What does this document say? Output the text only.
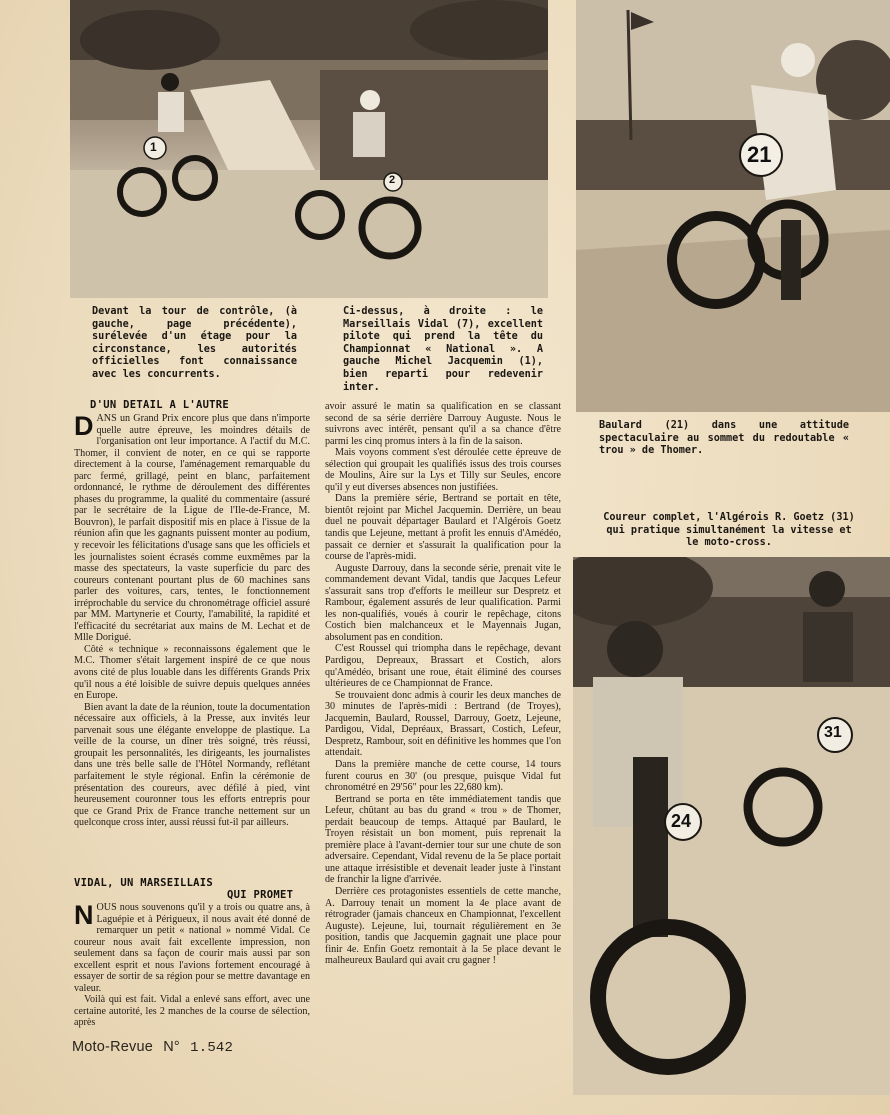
1
2
21
24
31
Devant la tour de contrôle, (à gauche, page précédente), surélevée d'un étage pour la circonstance, les autorités officielles font connaissance avec les concurrents.
Ci-dessus, à droite : le Marseillais Vidal (7), excellent pilote qui prend la tête du Championnat « National ». A gauche Michel Jacquemin (1), bien reparti pour redevenir inter.
Baulard (21) dans une attitude spectaculaire au sommet du redoutable « trou » de Thomer.
Coureur complet, l'Algérois R. Goetz (31) qui pratique simultanément la vitesse et le moto-cross.
D'UN DETAIL A L'AUTRE
VIDAL, UN MARSEILLAIS
QUI PROMET

DANS un Grand Prix encore plus que dans n'importe quelle autre épreuve, les moindres détails de l'organisation ont leur importance. A l'actif du M.C. Thomer, il convient de noter, en ce qui se rapporte directement à la course, l'aménagement remarquable du parc fermé, grillagé, peint en blanc, parfaitement ordonnancé, le rythme de déroulement des différentes phases du programme, la qualité du commentaire (assuré par le secrétaire de la Ligue de l'Ile-de-France, M. Bouvron), le parfait dispositif mis en place à l'issue de la réunion afin que les gagnants puissent monter au podium, y recevoir les félicitations d'usage sans que les officiels et les journalistes soient écrasés comme euxmêmes par la masse des spectateurs, la vaste superficie du parc des coureurs contenant pourtant plus de 60 machines sans parler des voitures, cars, tentes, le fonctionnement irréprochable du service du chronométrage officiel assuré par MM. Martynerie et Courty, l'amabilité, la rapidité et l'efficacité du secrétariat aux mains de M. Lechat et de Mlle Dorigué.

Côté « technique » reconnaissons également que le M.C. Thomer s'était largement inspiré de ce que nous avons cité de plus louable dans les différents Grands Prix qu'il nous a été loisible de suivre depuis quelques années en Europe.

Bien avant la date de la réunion, toute la documentation nécessaire aux officiels, à la Presse, aux invités leur parvenait sous une élégante enveloppe de plastique. La veille de la course, un dîner très soigné, très réussi, groupait les personnalités, les dirigeants, les journalistes dans une très belle salle de l'Hôtel Normandy, reflétant parfaitement le style régional. Enfin la cérémonie de présentation des coureurs, avec défilé à pied, vint heureusement couronner tous les efforts entrepris pour que ce Grand Prix de France tranche nettement sur un quelconque cross inter, aussi réussi fut-il par ailleurs.

NOUS nous souvenons qu'il y a trois ou quatre ans, à Laguépie et à Périgueux, il nous avait été donné de remarquer un petit « national » nommé Vidal. Ce coureur nous avait fait excellente impression, non seulement dans sa façon de courir mais aussi par son excellent esprit et nous l'avions fortement encouragé à essayer de sortir de sa région pour se mettre davantage en valeur.

Voilà qui est fait. Vidal a enlevé sans effort, avec une certaine autorité, les 2 manches de la course de sélection, après

avoir assuré le matin sa qualification en se classant second de sa série derrière Darrouy Auguste. Nous le suivrons avec intérêt, pensant qu'il a sa chance d'être parmi les cinq promus inters à la fin de la saison.

Mais voyons comment s'est déroulée cette épreuve de sélection qui groupait les qualifiés issus des trois courses de Moulins, Aire sur la Lys et Tilly sur Seules, encore qu'il y eut diverses absences non justifiées.

Dans la première série, Bertrand se portait en tête, bientôt rejoint par Michel Jacquemin. Derrière, un beau duel ne pouvait départager Baulard et l'Algérois Goetz tandis que Lejeune, mettant à profit les ennuis d'Amédéo, passait ce dernier et s'assurait la qualification pour la course de l'après-midi.

Auguste Darrouy, dans la seconde série, prenait vite le commandement devant Vidal, tandis que Jacques Lefeur s'assurait sans trop d'efforts le meilleur sur Despretz et Rambour, également assurés de leur qualification. Parmi les non-qualifiés, voués à courir le repêchage, citons Costich bien malchanceux et le Mayennais Jugan, absolument pas en condition.

C'est Roussel qui triompha dans le repêchage, devant Pardigou, Depreaux, Brassart et Costich, alors qu'Amédéo, brisant une roue, était éliminé des courses ultérieures de ce Championnat de France.

Se trouvaient donc admis à courir les deux manches de 30 minutes de l'après-midi : Bertrand (de Troyes), Jacquemin, Baulard, Roussel, Darrouy, Goetz, Lejeune, Pardigou, Vidal, Depréaux, Brassart, Costich, Lefeur, Despretz, Rambour, soit en définitive les hommes que l'on attendait.

Dans la première manche de cette course, 14 tours furent courus en 30' (ou presque, puisque Vidal fut chronométré en 29'56" pour les 22,680 km).

Bertrand se porta en tête immédiatement tandis que Lefeur, chûtant au bas du grand « trou » de Thomer, perdait beaucoup de temps. Attaqué par Baulard, le Troyen résistait un bon moment, puis reprenait la première place à l'avant-dernier tour sur une chute de son adversaire. Cependant, Vidal revenu de la 5e place portait une attaque irrésistible et devenait leader juste à l'instant de franchir la ligne d'arrivée.

Derrière ces protagonistes essentiels de cette manche, A. Darrouy tenait un moment la 4e place avant de rétrograder (jamais chanceux en Championnat, l'excellent Auguste). Lejeune, lui, tournait régulièrement en 3e position, tandis que Jacquemin gagnait une place pour finir 4e. Enfin Goetz remontait à la 5e place devant le malheureux Baulard qui avait cru gagner !

Moto-Revue N° 1.542
